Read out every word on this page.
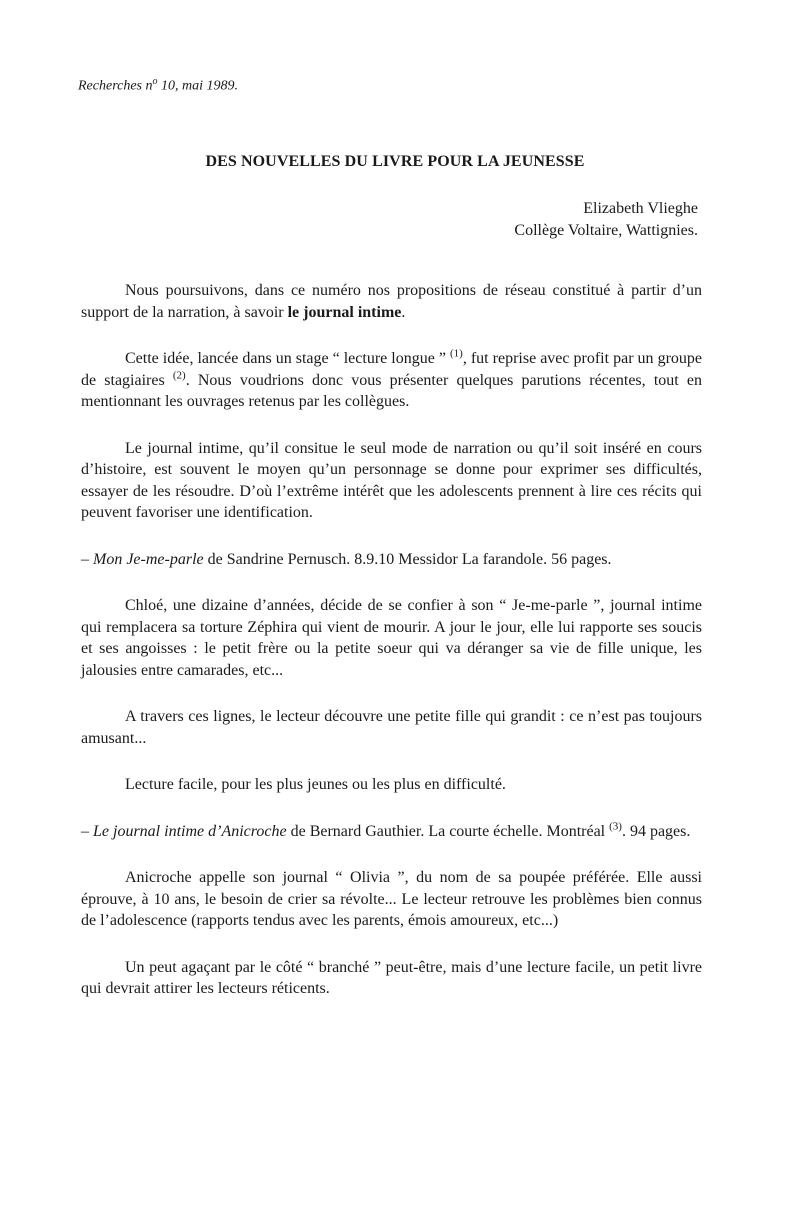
Recherches $n^o$ 10, mai 1989.
DES NOUVELLES DU LIVRE POUR LA JEUNESSE
Elizabeth Vlieghe
Collège Voltaire, Wattignies.

Nous poursuivons, dans ce numéro nos propositions de réseau constitué à partir d’un support de la narration, à savoir le journal intime.

Cette idée, lancée dans un stage “ lecture longue ” $^{(1)}$, fut reprise avec profit par un groupe de stagiaires $^{(2)}$. Nous voudrions donc vous présenter quelques parutions récentes, tout en mentionnant les ouvrages retenus par les collègues.

Le journal intime, qu’il consitue le seul mode de narration ou qu’il soit inséré en cours d’histoire, est souvent le moyen qu’un personnage se donne pour exprimer ses difficultés, essayer de les résoudre. D’où l’extrême intérêt que les adolescents prennent à lire ces récits qui peuvent favoriser une identification.

– Mon Je-me-parle de Sandrine Pernusch. 8.9.10 Messidor La farandole. 56 pages.

Chloé, une dizaine d’années, décide de se confier à son “ Je-me-parle ”, journal intime qui remplacera sa torture Zéphira qui vient de mourir. A jour le jour, elle lui rapporte ses soucis et ses angoisses : le petit frère ou la petite soeur qui va déranger sa vie de fille unique, les jalousies entre camarades, etc...

A travers ces lignes, le lecteur découvre une petite fille qui grandit : ce n’est pas toujours amusant...

Lecture facile, pour les plus jeunes ou les plus en difficulté.

– Le journal intime d’Anicroche de Bernard Gauthier. La courte échelle. Montréal $^{(3)}$. 94 pages.

Anicroche appelle son journal “ Olivia ”, du nom de sa poupée préférée. Elle aussi éprouve, à 10 ans, le besoin de crier sa révolte... Le lecteur retrouve les problèmes bien connus de l’adolescence (rapports tendus avec les parents, émois amoureux, etc...)

Un peut agaçant par le côté “ branché ” peut-être, mais d’une lecture facile, un petit livre qui devrait attirer les lecteurs réticents.
